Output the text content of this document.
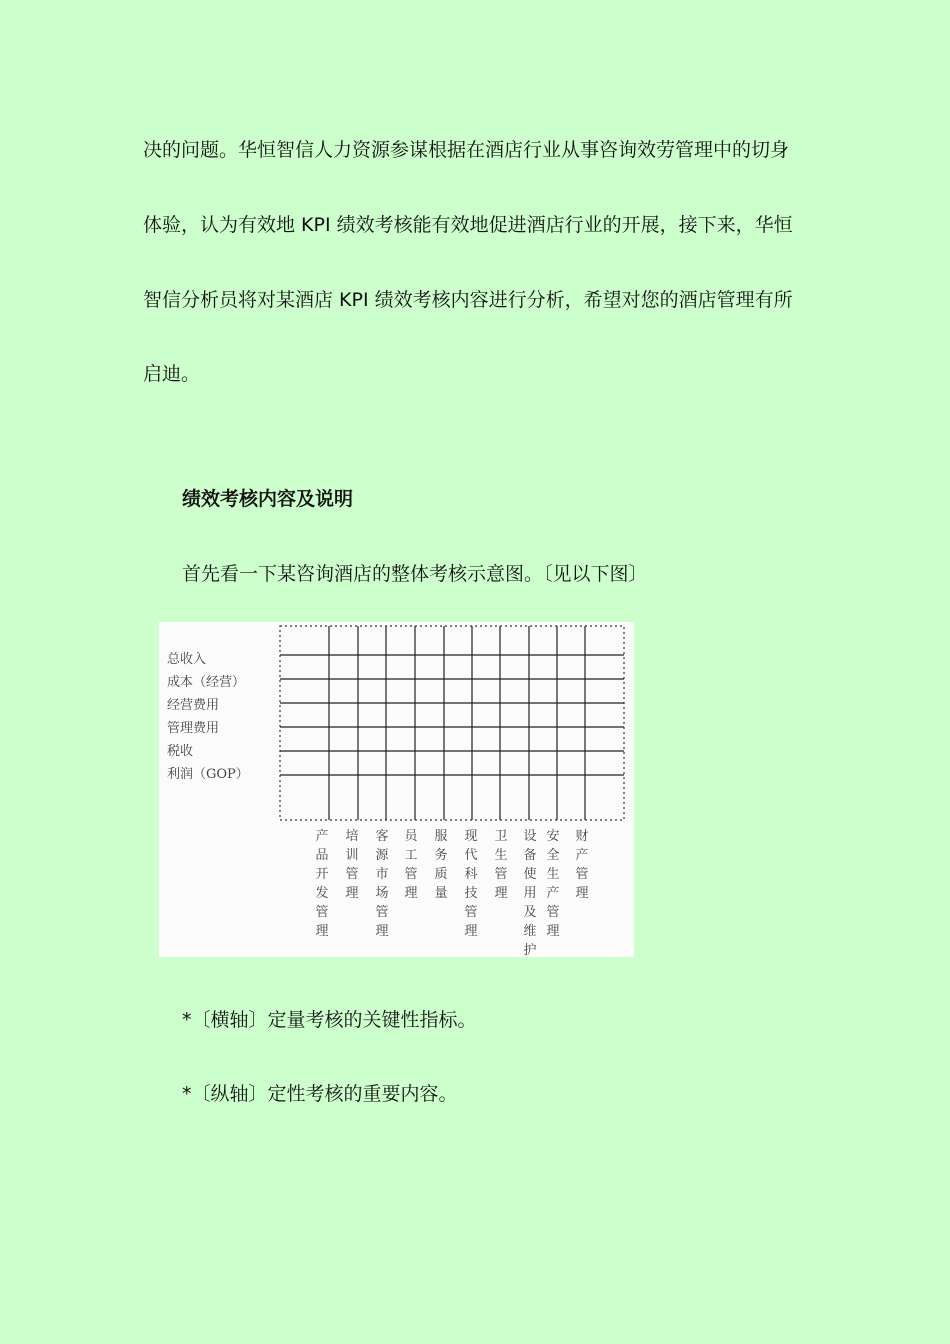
决的问题。华恒智信人力资源参谋根据在酒店行业从事咨询效劳管理中的切身
体验，认为有效地 KPI 绩效考核能有效地促进酒店行业的开展，接下来，华恒
智信分析员将对某酒店 KPI 绩效考核内容进行分析，希望对您的酒店管理有所
启迪。
绩效考核内容及说明
首先看一下某咨询酒店的整体考核示意图。〔见以下图〕
总收入
成本（经营）
经营费用
管理费用
税收
利润（GOP）
产
品
开
发
管
理
培
训
管
理
客
源
市
场
管
理
员
工
管
理
服
务
质
量
现
代
科
技
管
理
卫
生
管
理
设
备
使
用
及
维
护
安
全
生
产
管
理
财
产
管
理
*〔横轴〕定量考核的关键性指标。
*〔纵轴〕定性考核的重要内容。
